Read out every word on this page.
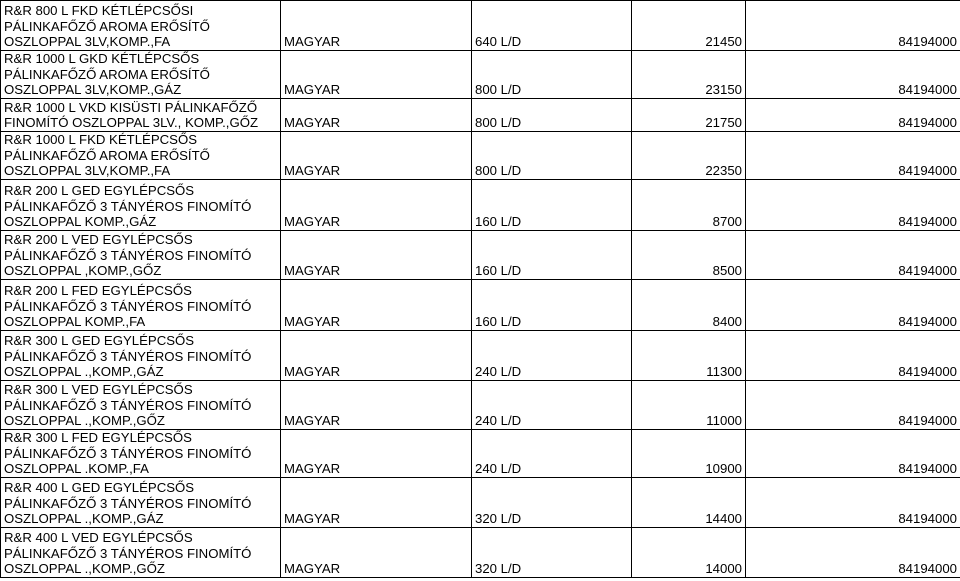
R&R 800 L FKD KÉTLÉPCSŐSI
PÁLINKAFŐZŐ AROMA ERŐSÍTŐ
OSZLOPPAL 3LV,KOMP.,FA	MAGYAR	640 L/D	21450	84194000
R&R 1000 L GKD KÉTLÉPCSŐS
PÁLINKAFŐZŐ AROMA ERŐSÍTŐ
OSZLOPPAL 3LV,KOMP.,GÁZ	MAGYAR	800 L/D	23150	84194000
R&R 1000 L VKD KISÜSTI PÁLINKAFŐZŐ
FINOMÍTÓ OSZLOPPAL 3LV., KOMP.,GŐZ	MAGYAR	800 L/D	21750	84194000
R&R 1000 L FKD KÉTLÉPCSŐS
PÁLINKAFŐZŐ AROMA ERŐSÍTŐ
OSZLOPPAL 3LV,KOMP.,FA	MAGYAR	800 L/D	22350	84194000
R&R 200 L GED EGYLÉPCSŐS
PÁLINKAFŐZŐ 3 TÁNYÉROS FINOMÍTÓ
OSZLOPPAL KOMP.,GÁZ	MAGYAR	160 L/D	8700	84194000
R&R 200 L VED EGYLÉPCSŐS
PÁLINKAFŐZŐ 3 TÁNYÉROS FINOMÍTÓ
OSZLOPPAL ,KOMP.,GŐZ	MAGYAR	160 L/D	8500	84194000
R&R 200 L FED EGYLÉPCSŐS
PÁLINKAFŐZŐ 3 TÁNYÉROS FINOMÍTÓ
OSZLOPPAL KOMP.,FA	MAGYAR	160 L/D	8400	84194000
R&R 300 L GED EGYLÉPCSŐS
PÁLINKAFŐZŐ 3 TÁNYÉROS FINOMÍTÓ
OSZLOPPAL .,KOMP.,GÁZ	MAGYAR	240 L/D	11300	84194000
R&R 300 L VED EGYLÉPCSŐS
PÁLINKAFŐZŐ 3 TÁNYÉROS FINOMÍTÓ
OSZLOPPAL .,KOMP.,GŐZ	MAGYAR	240 L/D	11000	84194000
R&R 300 L FED EGYLÉPCSŐS
PÁLINKAFŐZŐ 3 TÁNYÉROS FINOMÍTÓ
OSZLOPPAL .KOMP.,FA	MAGYAR	240 L/D	10900	84194000
R&R 400 L GED EGYLÉPCSŐS
PÁLINKAFŐZŐ 3 TÁNYÉROS FINOMÍTÓ
OSZLOPPAL .,KOMP.,GÁZ	MAGYAR	320 L/D	14400	84194000
R&R 400 L VED EGYLÉPCSŐS
PÁLINKAFŐZŐ 3 TÁNYÉROS FINOMÍTÓ
OSZLOPPAL .,KOMP.,GŐZ	MAGYAR	320 L/D	14000	84194000
